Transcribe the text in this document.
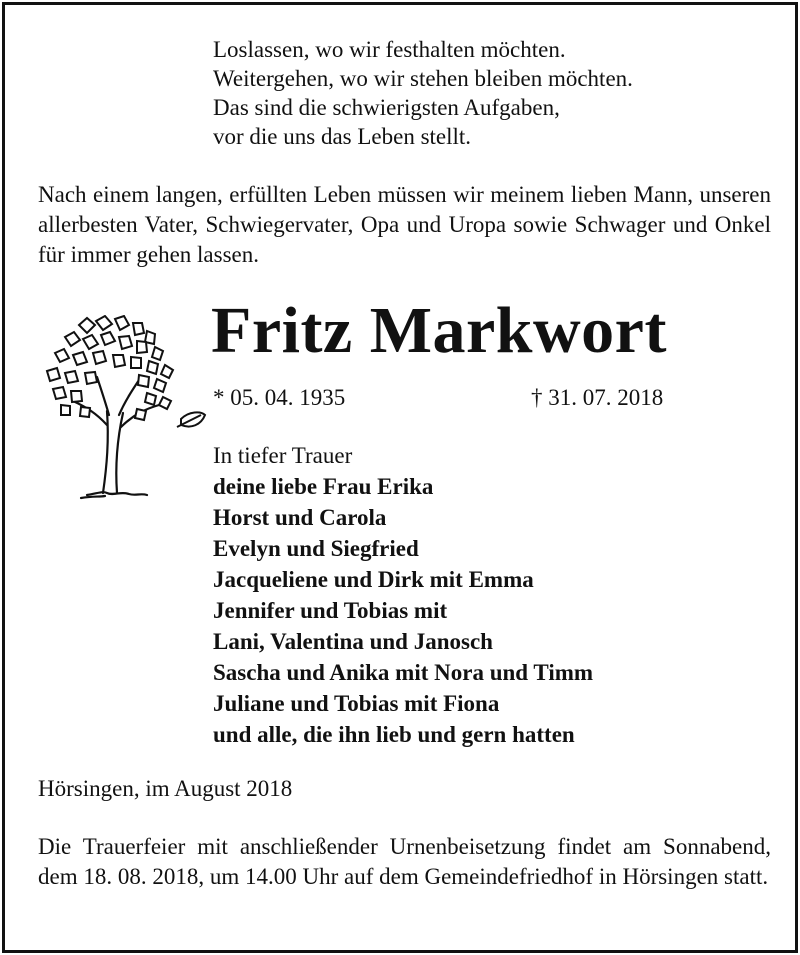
Loslassen, wo wir festhalten möchten.
Weitergehen, wo wir stehen bleiben möchten.
Das sind die schwierigsten Aufgaben,
vor die uns das Leben stellt.
Nach einem langen, erfüllten Leben müssen wir meinem lieben Mann, unseren allerbesten Vater, Schwiegervater, Opa und Uropa sowie Schwager und Onkel für immer gehen lassen.
Fritz Markwort
* 05. 04. 1935	† 31. 07. 2018
In tiefer Trauer
deine liebe Frau Erika
Horst und Carola
Evelyn und Siegfried
Jacqueliene und Dirk mit Emma
Jennifer und Tobias mit
Lani, Valentina und Janosch
Sascha und Anika mit Nora und Timm
Juliane und Tobias mit Fiona
und alle, die ihn lieb und gern hatten
Hörsingen, im August 2018
Die Trauerfeier mit anschließender Urnenbeisetzung findet am Sonnabend, dem 18. 08. 2018, um 14.00 Uhr auf dem Gemeindefriedhof in Hörsingen statt.
